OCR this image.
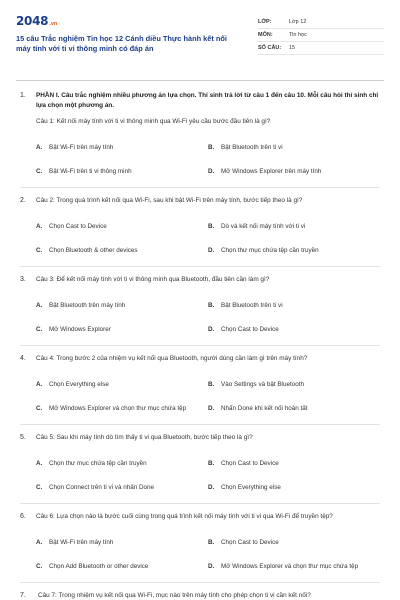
2048.vn
15 câu Trắc nghiệm Tin học 12 Cánh diều Thực hành kết nối máy tính với ti vi thông minh có đáp án
LỚP:	Lớp 12
MÔN:	Tin học
SỐ CÂU:	15
1.	PHẦN I. Câu trắc nghiệm nhiều phương án lựa chọn. Thí sinh trả lời từ câu 1 đến câu 10. Mỗi câu hỏi thí sinh chỉ lựa chọn một phương án.
Câu 1: Kết nối máy tính với ti vi thông minh qua Wi-Fi yêu cầu bước đầu tiên là gì?
A.	Bật Wi-Fi trên máy tính	B.	Bật Bluetooth trên ti vi
C.	Bật Wi-Fi trên ti vi thông minh	D.	Mở Windows Explorer trên máy tính
2.	Câu 2: Trong quá trình kết nối qua Wi-Fi, sau khi bật Wi-Fi trên máy tính, bước tiếp theo là gì?
A.	Chọn Cast to Device	B.	Dò và kết nối máy tính với ti vi
C.	Chọn Bluetooth & other devices	D.	Chọn thư mục chứa tệp cần truyền
3.	Câu 3: Để kết nối máy tính với ti vi thông minh qua Bluetooth, đầu tiên cần làm gì?
A.	Bật Bluetooth trên máy tính	B.	Bật Bluetooth trên ti vi
C.	Mở Windows Explorer	D.	Chọn Cast to Device
4.	Câu 4: Trong bước 2 của nhiệm vụ kết nối qua Bluetooth, người dùng cần làm gì trên máy tính?
A.	Chọn Everything else	B.	Vào Settings và bật Bluetooth
C.	Mở Windows Explorer và chọn thư mục chứa tệp	D.	Nhấn Done khi kết nối hoàn tất
5.	Câu 5: Sau khi máy tính dò tìm thấy ti vi qua Bluetooth, bước tiếp theo là gì?
A.	Chọn thư mục chứa tệp cần truyền	B.	Chọn Cast to Device
C.	Chọn Connect trên ti vi và nhấn Done	D.	Chọn Everything else
6.	Câu 6: Lựa chọn nào là bước cuối cùng trong quá trình kết nối máy tính với ti vi qua Wi-Fi để truyền tệp?
A.	Bật Wi-Fi trên máy tính	B.	Chọn Cast to Device
C.	Chọn Add Bluetooth or other device	D.	Mở Windows Explorer và chọn thư mục chứa tệp
7.	Câu 7: Trong nhiệm vụ kết nối qua Wi-Fi, mục nào trên máy tính cho phép chọn ti vi cần kết nối?
